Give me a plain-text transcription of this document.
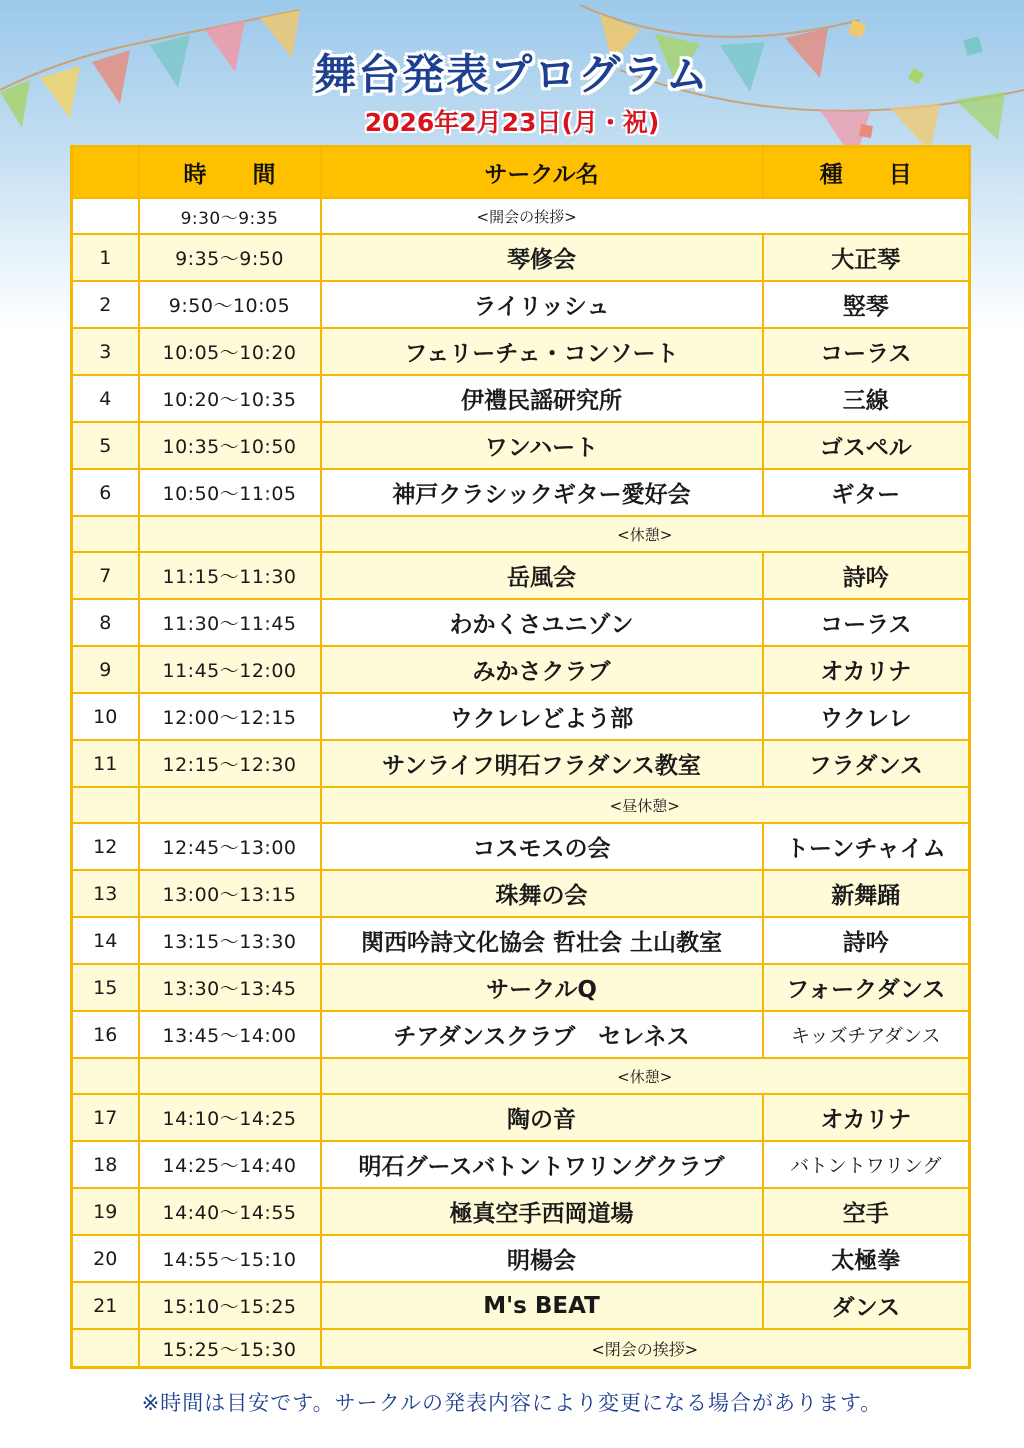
舞台発表プログラム
2026年2月23日(月・祝)
	時　　間	サークル名	種　　目
	9:30～9:35	<開会の挨拶>	
1	9:35～9:50	琴修会	大正琴
2	9:50～10:05	ライリッシュ	竪琴
3	10:05～10:20	フェリーチェ・コンソート	コーラス
4	10:20～10:35	伊禮民謡研究所	三線
5	10:35～10:50	ワンハート	ゴスペル
6	10:50～11:05	神戸クラシックギター愛好会	ギター
		<休憩>	
7	11:15～11:30	岳風会	詩吟
8	11:30～11:45	わかくさユニゾン	コーラス
9	11:45～12:00	みかさクラブ	オカリナ
10	12:00～12:15	ウクレレどよう部	ウクレレ
11	12:15～12:30	サンライフ明石フラダンス教室	フラダンス
		<昼休憩>	
12	12:45～13:00	コスモスの会	トーンチャイム
13	13:00～13:15	珠舞の会	新舞踊
14	13:15～13:30	関西吟詩文化協会 哲壮会 土山教室	詩吟
15	13:30～13:45	サークルQ	フォークダンス
16	13:45～14:00	チアダンスクラブ　セレネス	キッズチアダンス
		<休憩>	
17	14:10～14:25	陶の音	オカリナ
18	14:25～14:40	明石グースバトントワリングクラブ	バトントワリング
19	14:40～14:55	極真空手西岡道場	空手
20	14:55～15:10	明楊会	太極拳
21	15:10～15:25	M's BEAT	ダンス
	15:25～15:30	<閉会の挨拶>	
※時間は目安です。サークルの発表内容により変更になる場合があります。
